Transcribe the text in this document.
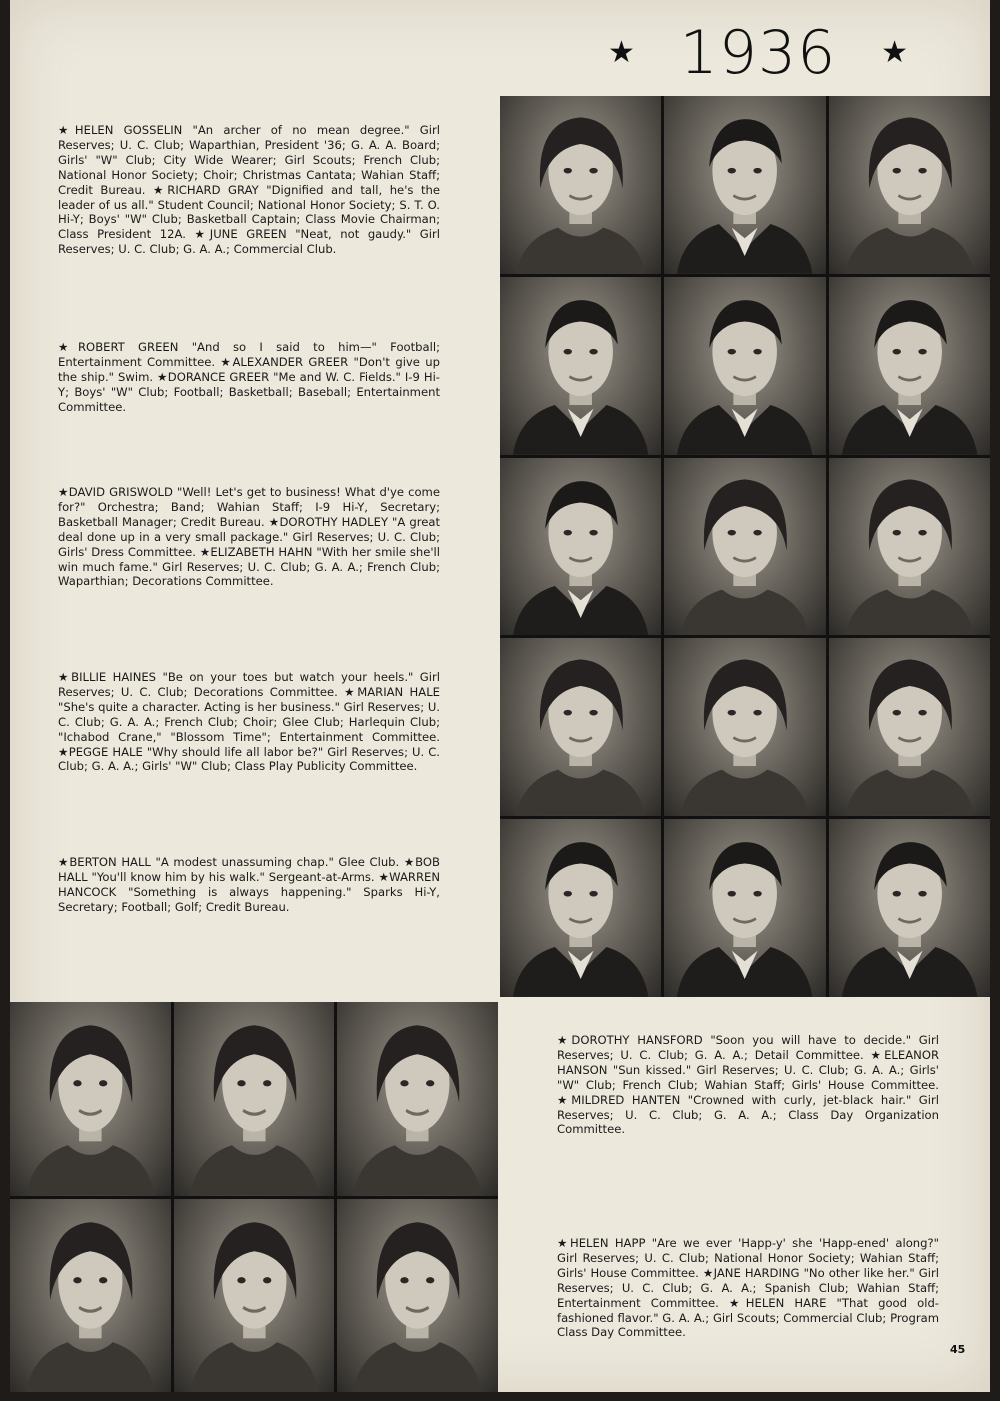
★ 1936 ★

★HELEN GOSSELIN "An archer of no mean degree." Girl Reserves; U. C. Club; Waparthian, President '36; G. A. A. Board; Girls' "W" Club; City Wide Wearer; Girl Scouts; French Club; National Honor Society; Choir; Christmas Cantata; Wahian Staff; Credit Bureau. ★RICHARD GRAY "Dignified and tall, he's the leader of us all." Student Council; National Honor Society; S. T. O. Hi-Y; Boys' "W" Club; Basketball Captain; Class Movie Chairman; Class President 12A. ★JUNE GREEN "Neat, not gaudy." Girl Reserves; U. C. Club; G. A. A.; Commercial Club.

★ROBERT GREEN "And so I said to him—" Football; Entertainment Committee. ★ALEXANDER GREER "Don't give up the ship." Swim. ★DORANCE GREER "Me and W. C. Fields." I-9 Hi-Y; Boys' "W" Club; Football; Basketball; Baseball; Entertainment Committee.

★DAVID GRISWOLD "Well! Let's get to business! What d'ye come for?" Orchestra; Band; Wahian Staff; I-9 Hi-Y, Secretary; Basketball Manager; Credit Bureau. ★DOROTHY HADLEY "A great deal done up in a very small package." Girl Reserves; U. C. Club; Girls' Dress Committee. ★ELIZABETH HAHN "With her smile she'll win much fame." Girl Reserves; U. C. Club; G. A. A.; French Club; Waparthian; Decorations Committee.

★BILLIE HAINES "Be on your toes but watch your heels." Girl Reserves; U. C. Club; Decorations Committee. ★MARIAN HALE "She's quite a character. Acting is her business." Girl Reserves; U. C. Club; G. A. A.; French Club; Choir; Glee Club; Harlequin Club; "Ichabod Crane," "Blossom Time"; Entertainment Committee. ★PEGGE HALE "Why should life all labor be?" Girl Reserves; U. C. Club; G. A. A.; Girls' "W" Club; Class Play Publicity Committee.

★BERTON HALL "A modest unassuming chap." Glee Club. ★BOB HALL "You'll know him by his walk." Sergeant-at-Arms. ★WARREN HANCOCK "Something is always happening." Sparks Hi-Y, Secretary; Football; Golf; Credit Bureau.

★DOROTHY HANSFORD "Soon you will have to decide." Girl Reserves; U. C. Club; G. A. A.; Detail Committee. ★ELEANOR HANSON "Sun kissed." Girl Reserves; U. C. Club; G. A. A.; Girls' "W" Club; French Club; Wahian Staff; Girls' House Committee. ★MILDRED HANTEN "Crowned with curly, jet-black hair." Girl Reserves; U. C. Club; G. A. A.; Class Day Organization Committee.

★HELEN HAPP "Are we ever 'Happ-y' she 'Happ-ened' along?" Girl Reserves; U. C. Club; National Honor Society; Wahian Staff; Girls' House Committee. ★JANE HARDING "No other like her." Girl Reserves; U. C. Club; G. A. A.; Spanish Club; Wahian Staff; Entertainment Committee. ★HELEN HARE "That good old-fashioned flavor." G. A. A.; Girl Scouts; Commercial Club; Program Class Day Committee.

45
